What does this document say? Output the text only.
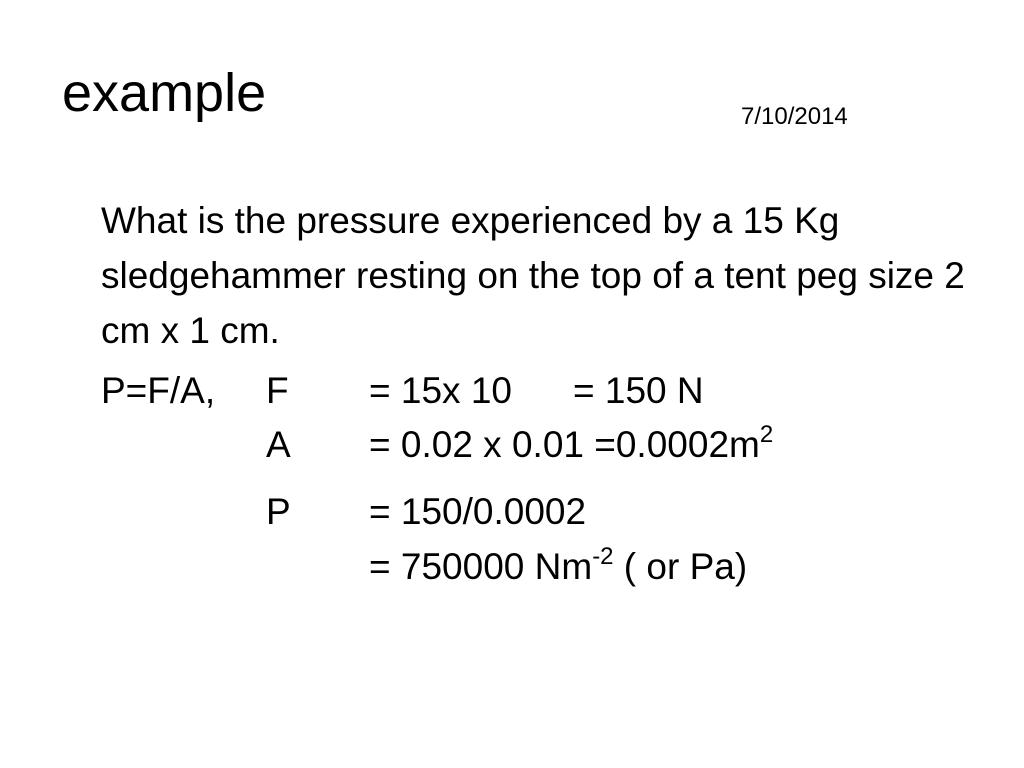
example	7/10/2014
What is the pressure experienced by a 15 Kg sledgehammer resting on the top of a tent peg size 2 cm x 1 cm.
P=F/A, F = 15x 10 = 150 N
A = 0.02 x $0.01 =0.0002m^2$
P = 150/0.0002
= 750000 $Nm^{-2}$ ( or Pa)
